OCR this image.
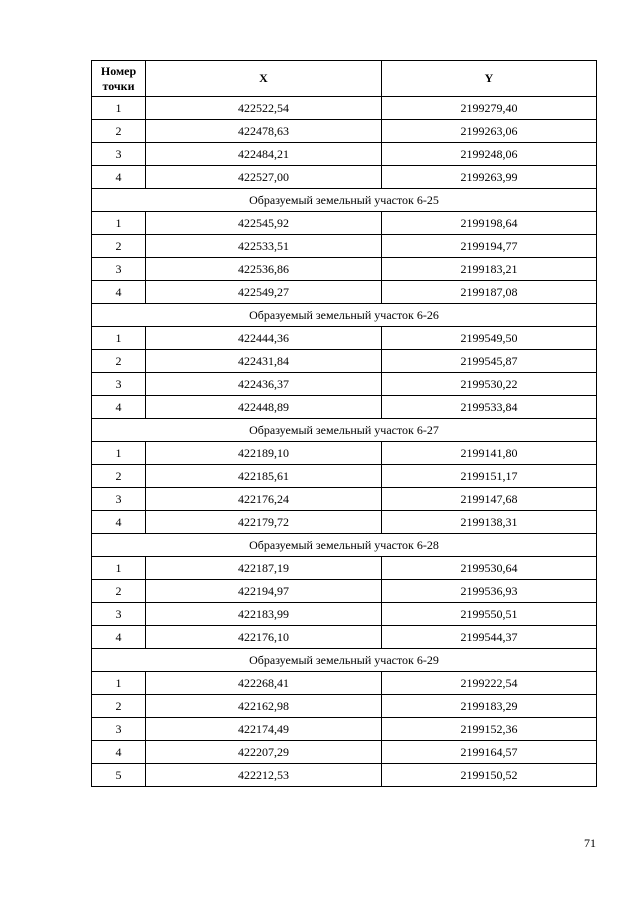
Номер точки	X	Y
1	422522,54	2199279,40
2	422478,63	2199263,06
3	422484,21	2199248,06
4	422527,00	2199263,99
Образуемый земельный участок 6-25		
1	422545,92	2199198,64
2	422533,51	2199194,77
3	422536,86	2199183,21
4	422549,27	2199187,08
Образуемый земельный участок 6-26		
1	422444,36	2199549,50
2	422431,84	2199545,87
3	422436,37	2199530,22
4	422448,89	2199533,84
Образуемый земельный участок 6-27		
1	422189,10	2199141,80
2	422185,61	2199151,17
3	422176,24	2199147,68
4	422179,72	2199138,31
Образуемый земельный участок 6-28		
1	422187,19	2199530,64
2	422194,97	2199536,93
3	422183,99	2199550,51
4	422176,10	2199544,37
Образуемый земельный участок 6-29		
1	422268,41	2199222,54
2	422162,98	2199183,29
3	422174,49	2199152,36
4	422207,29	2199164,57
5	422212,53	2199150,52
71
